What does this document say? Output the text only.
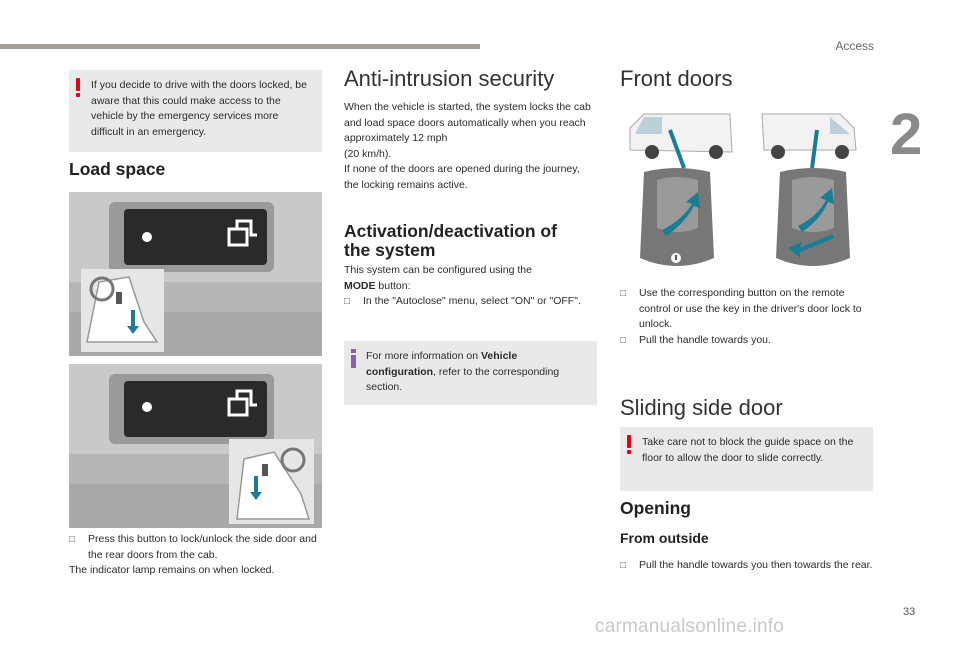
Access
2
If you decide to drive with the doors locked, be aware that this could make access to the vehicle by the emergency services more difficult in an emergency.
Load space
□ Press this button to lock/unlock the side door and the rear doors from the cab.
The indicator lamp remains on when locked.
Anti-intrusion security
When the vehicle is started, the system locks the cab and load space doors automatically when you reach approximately 12 mph
(20 km/h).
If none of the doors are opened during the journey, the locking remains active.
Activation/deactivation of
the system
This system can be configured using the
MODE button:
□ In the "Autoclose" menu, select "ON" or "OFF".
For more information on Vehicle configuration, refer to the corresponding section.
Front doors
□ Use the corresponding button on the remote control or use the key in the driver's door lock to unlock.
□ Pull the handle towards you.
Sliding side door
Take care not to block the guide space on the floor to allow the door to slide correctly.
Opening
From outside
□ Pull the handle towards you then towards the rear.
33
carmanualsonline.info
